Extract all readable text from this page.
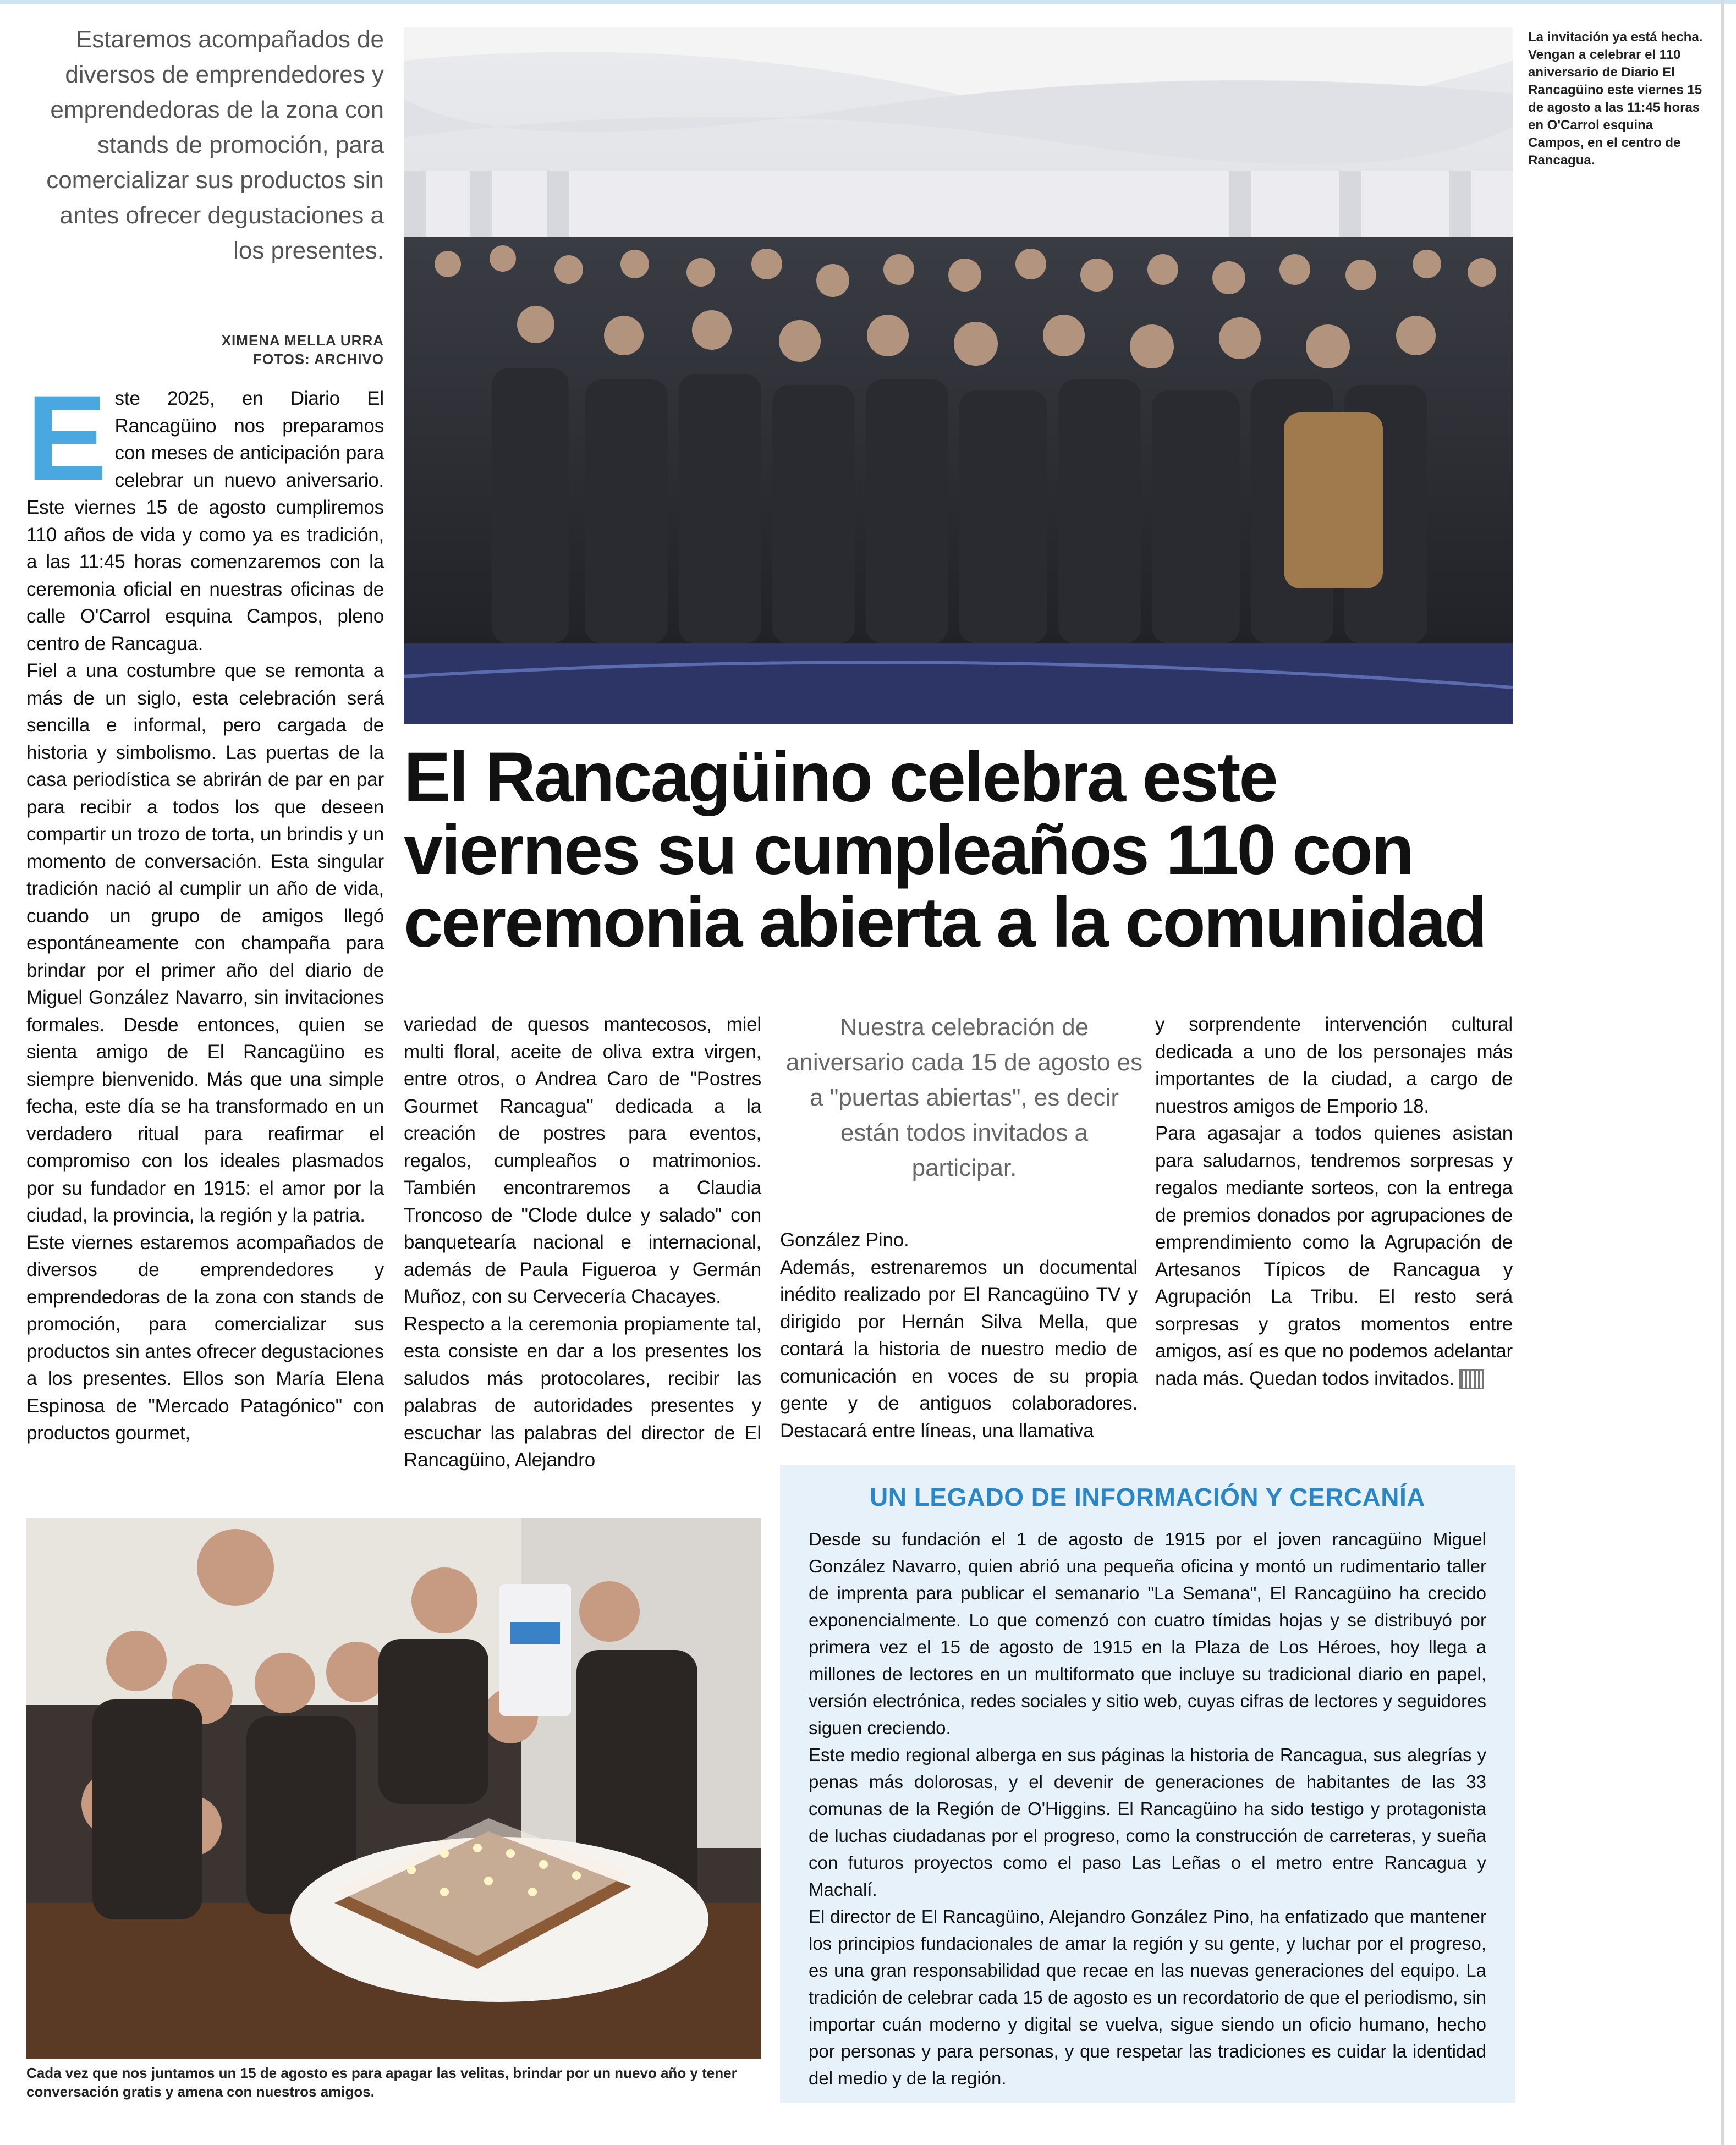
Estaremos acompañados de diversos de emprendedores y emprendedoras de la zona con stands de promoción, para comercializar sus productos sin antes ofrecer degustaciones a los presentes.
XIMENA MELLA URRA
FOTOS: ARCHIVO
La invitación ya está hecha. Vengan a celebrar el 110 aniversario de Diario El Rancagüino este viernes 15 de agosto a las 11:45 horas en O'Carrol esquina Campos, en el centro de Rancagua.

Este 2025, en Diario El Rancagüino nos preparamos con meses de anticipación para celebrar un nuevo aniversario. Este viernes 15 de agosto cumpliremos 110 años de vida y como ya es tradición, a las 11:45 horas comenzaremos con la ceremonia oficial en nuestras oficinas de calle O'Carrol esquina Campos, pleno centro de Rancagua.

Fiel a una costumbre que se remonta a más de un siglo, esta celebración será sencilla e informal, pero cargada de historia y simbolismo. Las puertas de la casa periodística se abrirán de par en par para recibir a todos los que deseen compartir un trozo de torta, un brindis y un momento de conversación. Esta singular tradición nació al cumplir un año de vida, cuando un grupo de amigos llegó espontáneamente con champaña para brindar por el primer año del diario de Miguel González Navarro, sin invitaciones formales. Desde entonces, quien se sienta amigo de El Rancagüino es siempre bienvenido. Más que una simple fecha, este día se ha transformado en un verdadero ritual para reafirmar el compromiso con los ideales plasmados por su fundador en 1915: el amor por la ciudad, la provincia, la región y la patria.

Este viernes estaremos acompañados de diversos de emprendedores y emprendedoras de la zona con stands de promoción, para comercializar sus productos sin antes ofrecer degustaciones a los presentes. Ellos son María Elena Espinosa de "Mercado Patagónico" con productos gourmet,

El Rancagüino celebra este viernes su cumpleaños 110 con ceremonia abierta a la comunidad

variedad de quesos mantecosos, miel multi floral, aceite de oliva extra virgen, entre otros, o Andrea Caro de "Postres Gourmet Rancagua" dedicada a la creación de postres para eventos, regalos, cumpleaños o matrimonios. También encontraremos a Claudia Troncoso de "Clode dulce y salado" con banquetearía nacional e internacional, además de Paula Figueroa y Germán Muñoz, con su Cervecería Chacayes.

Respecto a la ceremonia propiamente tal, esta consiste en dar a los presentes los saludos más protocolares, recibir las palabras de autoridades presentes y escuchar las palabras del director de El Rancagüino, Alejandro

Nuestra celebración de aniversario cada 15 de agosto es a "puertas abiertas", es decir están todos invitados a participar.

González Pino.

Además, estrenaremos un documental inédito realizado por El Rancagüino TV y dirigido por Hernán Silva Mella, que contará la historia de nuestro medio de comunicación en voces de su propia gente y de antiguos colaboradores. Destacará entre líneas, una llamativa

y sorprendente intervención cultural dedicada a uno de los personajes más importantes de la ciudad, a cargo de nuestros amigos de Emporio 18.

Para agasajar a todos quienes asistan para saludarnos, tendremos sorpresas y regalos mediante sorteos, con la entrega de premios donados por agrupaciones de emprendimiento como la Agrupación de Artesanos Típicos de Rancagua y Agrupación La Tribu. El resto será sorpresas y gratos momentos entre amigos, así es que no podemos adelantar nada más. Quedan todos invitados.

Cada vez que nos juntamos un 15 de agosto es para apagar las velitas, brindar por un nuevo año y tener conversación gratis y amena con nuestros amigos.
UN LEGADO DE INFORMACIÓN Y CERCANÍA

Desde su fundación el 1 de agosto de 1915 por el joven rancagüino Miguel González Navarro, quien abrió una pequeña oficina y montó un rudimentario taller de imprenta para publicar el semanario "La Semana", El Rancagüino ha crecido exponencialmente. Lo que comenzó con cuatro tímidas hojas y se distribuyó por primera vez el 15 de agosto de 1915 en la Plaza de Los Héroes, hoy llega a millones de lectores en un multiformato que incluye su tradicional diario en papel, versión electrónica, redes sociales y sitio web, cuyas cifras de lectores y seguidores siguen creciendo.

Este medio regional alberga en sus páginas la historia de Rancagua, sus alegrías y penas más dolorosas, y el devenir de generaciones de habitantes de las 33 comunas de la Región de O'Higgins. El Rancagüino ha sido testigo y protagonista de luchas ciudadanas por el progreso, como la construcción de carreteras, y sueña con futuros proyectos como el paso Las Leñas o el metro entre Rancagua y Machalí.

El director de El Rancagüino, Alejandro González Pino, ha enfatizado que mantener los principios fundacionales de amar la región y su gente, y luchar por el progreso, es una gran responsabilidad que recae en las nuevas generaciones del equipo. La tradición de celebrar cada 15 de agosto es un recordatorio de que el periodismo, sin importar cuán moderno y digital se vuelva, sigue siendo un oficio humano, hecho por personas y para personas, y que respetar las tradiciones es cuidar la identidad del medio y de la región.
